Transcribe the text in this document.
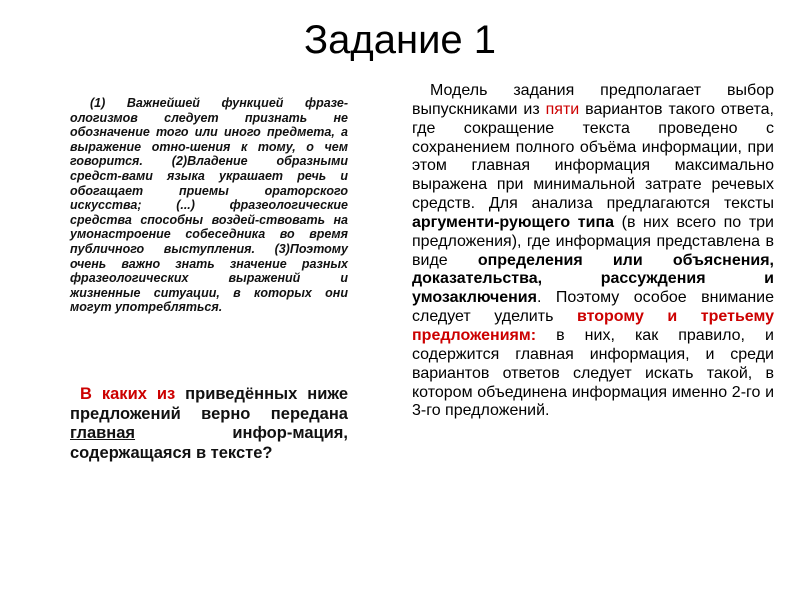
Задание 1

(1) Важнейшей функцией фразе-ологизмов следует признать не обозначение того или иного предмета, а выражение отно-шения к тому, о чем говорится. (2)Владение образными средст-вами языка украшает речь и обогащает приемы ораторского искусства; (...) фразеологические средства способны воздей-ствовать на умонастроение собеседника во время публичного выступления. (3)Поэтому очень важно знать значение разных фразеологических выражений и жизненные ситуации, в которых они могут употребляться.

В каких из приведённых ниже предложений верно передана главная	инфор-мация, содержащаяся в тексте?

Модель задания предполагает выбор выпускниками из пяти вариантов такого ответа, где сокращение текста проведено с сохранением полного объёма информации, при этом главная информация максимально выражена при минимальной затрате речевых средств. Для анализа предлагаются тексты аргументи-рующего типа (в них всего по три предложения), где информация представлена в виде определения или объяснения, доказательства, рассуждения и умозаключения. Поэтому особое внимание следует уделить второму и третьему предложениям: в них, как правило, и содержится главная информация, и среди вариантов ответов следует искать такой, в котором объединена информация именно 2-го и 3-го предложений.
